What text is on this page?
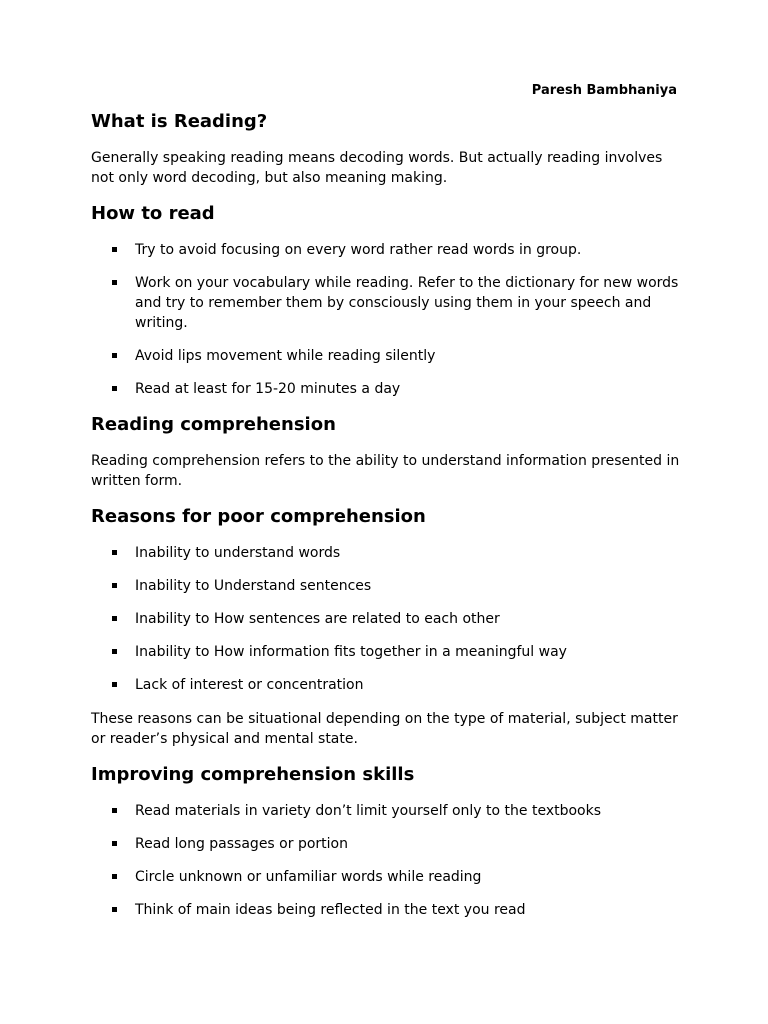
Paresh Bambhaniya

What is Reading?

Generally speaking reading means decoding words. But actually reading involves not only word decoding, but also meaning making.

How to read
Try to avoid focusing on every word rather read words in group.
Work on your vocabulary while reading. Refer to the dictionary for new words and try to remember them by consciously using them in your speech and writing.
Avoid lips movement while reading silently
Read at least for 15-20 minutes a day
Reading comprehension

Reading comprehension refers to the ability to understand information presented in written form.

Reasons for poor comprehension
Inability to understand words
Inability to Understand sentences
Inability to How sentences are related to each other
Inability to How information fits together in a meaningful way
Lack of interest or concentration

These reasons can be situational depending on the type of material, subject matter or reader’s physical and mental state.

Improving comprehension skills
Read materials in variety don’t limit yourself only to the textbooks
Read long passages or portion
Circle unknown or unfamiliar words while reading
Think of main ideas being reflected in the text you read
